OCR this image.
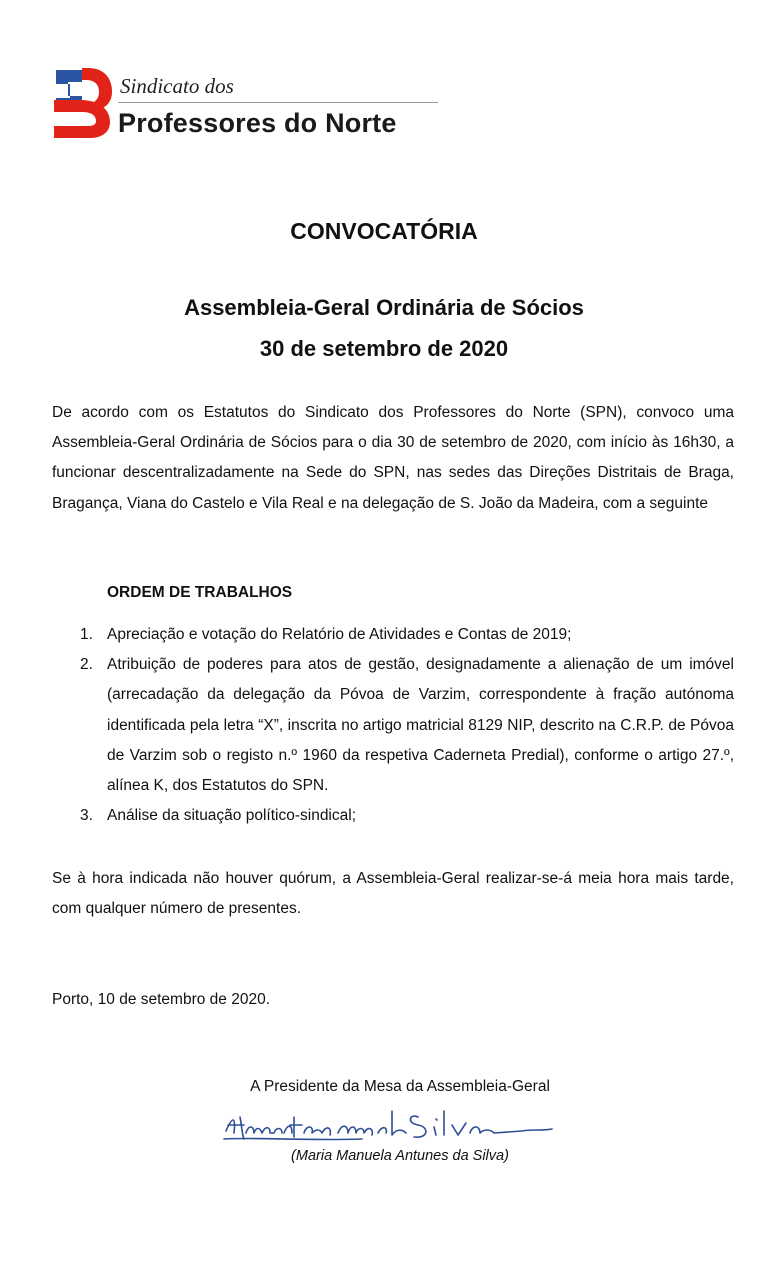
Sindicato dos
Professores do Norte
CONVOCATÓRIA
Assembleia-Geral Ordinária de Sócios
30 de setembro de 2020

De acordo com os Estatutos do Sindicato dos Professores do Norte (SPN), convoco uma Assembleia-Geral Ordinária de Sócios para o dia 30 de setembro de 2020, com início às 16h30, a funcionar descentralizadamente na Sede do SPN, nas sedes das Direções Distritais de Braga, Bragança, Viana do Castelo e Vila Real e na delegação de S. João da Madeira, com a seguinte

ORDEM DE TRABALHOS
1. Apreciação e votação do Relatório de Atividades e Contas de 2019;
2. Atribuição de poderes para atos de gestão, designadamente a alienação de um imóvel (arrecadação da delegação da Póvoa de Varzim, correspondente à fração autónoma identificada pela letra “X”, inscrita no artigo matricial 8129 NIP, descrito na C.R.P. de Póvoa de Varzim sob o registo n.º 1960 da respetiva Caderneta Predial), conforme o artigo 27.º, alínea K, dos Estatutos do SPN.
3. Análise da situação político-sindical;

Se à hora indicada não houver quórum, a Assembleia-Geral realizar-se-á meia hora mais tarde, com qualquer número de presentes.

Porto, 10 de setembro de 2020.

A Presidente da Mesa da Assembleia-Geral
(Maria Manuela Antunes da Silva)
